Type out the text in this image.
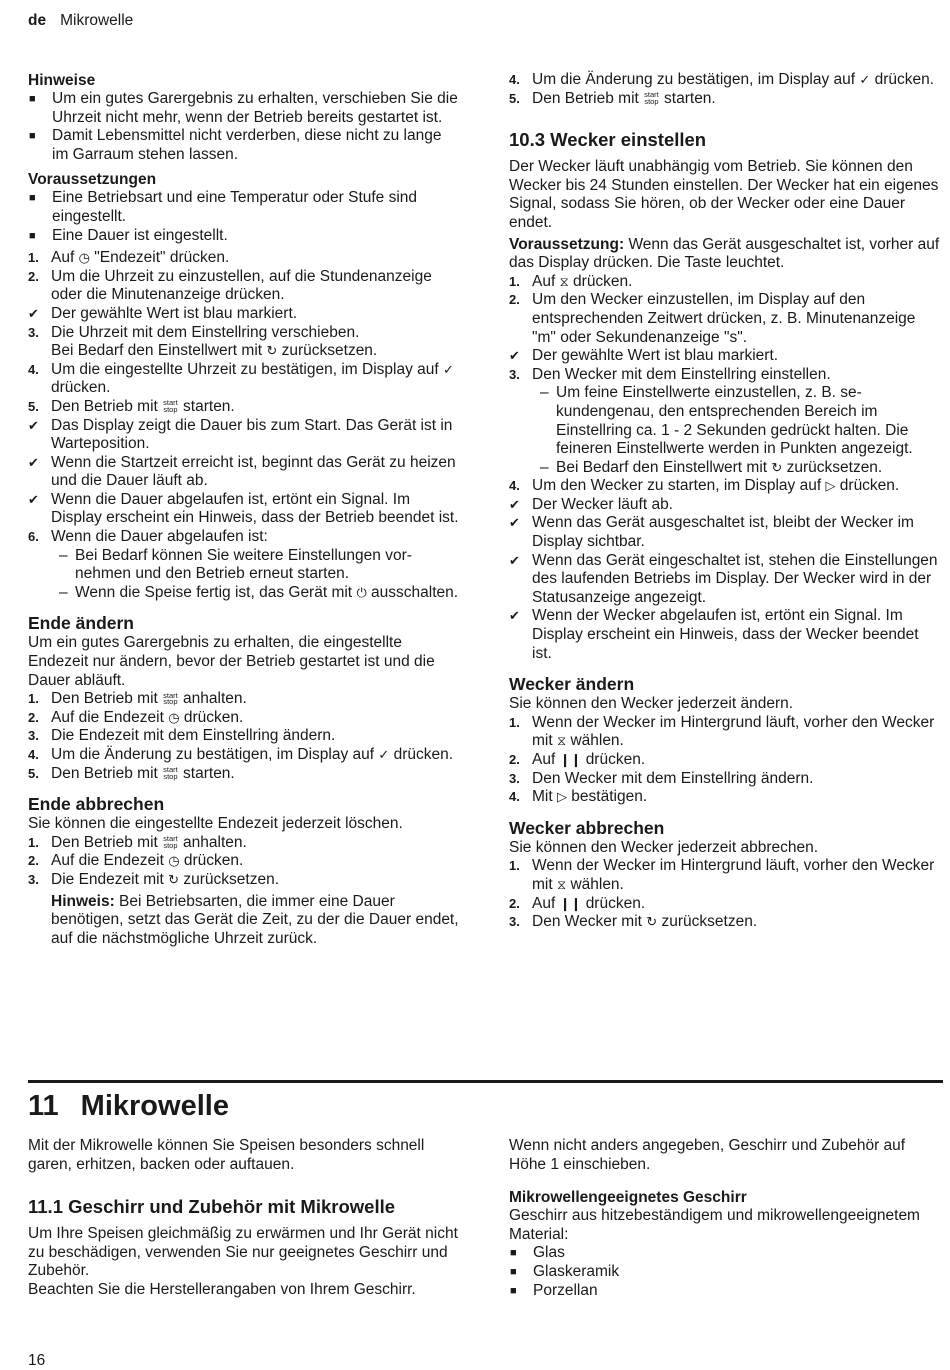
de Mikrowelle

Hinweise

■	Um ein gutes Garergebnis zu erhalten, verschieben Sie die Uhrzeit nicht mehr, wenn der Betrieb bereits gestartet ist.
■	Damit Lebensmittel nicht verderben, diese nicht zu lange im Garraum stehen lassen.

Voraussetzungen

■	Eine Betriebsart und eine Temperatur oder Stufe sind eingestellt.
■	Eine Dauer ist eingestellt.
1. Auf ◷ "Endezeit" drücken.
2. Um die Uhrzeit zu einzustellen, auf die Stundenanzeige oder die Minutenanzeige drücken.
✔ Der gewählte Wert ist blau markiert.
3. Die Uhrzeit mit dem Einstellring verschieben.
Bei Bedarf den Einstellwert mit ↻ zurücksetzen.
4. Um die eingestellte Uhrzeit zu bestätigen, im Display auf ✓ drücken.
5. Den Betrieb mit start
stop starten.
✔ Das Display zeigt die Dauer bis zum Start. Das Gerät ist in Warteposition.
✔ Wenn die Startzeit erreicht ist, beginnt das Gerät zu heizen und die Dauer läuft ab.
✔ Wenn die Dauer abgelaufen ist, ertönt ein Signal. Im Display erscheint ein Hinweis, dass der Betrieb beendet ist.
6. Wenn die Dauer abgelaufen ist:
– Bei Bedarf können Sie weitere Einstellungen vornehmen und den Betrieb erneut starten.
– Wenn die Speise fertig ist, das Gerät mit ⏻ ausschalten.

Ende ändern

Um ein gutes Garergebnis zu erhalten, die eingestellte Endezeit nur ändern, bevor der Betrieb gestartet ist und die Dauer abläuft.

1. Den Betrieb mit start
stop anhalten.
2. Auf die Endezeit ◷ drücken.
3. Die Endezeit mit dem Einstellring ändern.
4. Um die Änderung zu bestätigen, im Display auf ✓ drücken.
5. Den Betrieb mit start
stop starten.

Ende abbrechen

Sie können die eingestellte Endezeit jederzeit löschen.

1. Den Betrieb mit start
stop anhalten.
2. Auf die Endezeit ◷ drücken.
3. Die Endezeit mit ↻ zurücksetzen.
Hinweis: Bei Betriebsarten, die immer eine Dauer benötigen, setzt das Gerät die Zeit, zu der die Dauer endet, auf die nächstmögliche Uhrzeit zurück.
4. Um die Änderung zu bestätigen, im Display auf ✓ drücken.
5. Den Betrieb mit start
stop starten.

10.3 Wecker einstellen

Der Wecker läuft unabhängig vom Betrieb. Sie können den Wecker bis 24 Stunden einstellen. Der Wecker hat ein eigenes Signal, sodass Sie hören, ob der Wecker oder eine Dauer endet.

Voraussetzung: Wenn das Gerät ausgeschaltet ist, vorher auf das Display drücken. Die Taste leuchtet.

1. Auf ⧖ drücken.
2. Um den Wecker einzustellen, im Display auf den entsprechenden Zeitwert drücken, z. B. Minutenanzeige "m" oder Sekundenanzeige "s".
✔ Der gewählte Wert ist blau markiert.
3. Den Wecker mit dem Einstellring einstellen.
– Um feine Einstellwerte einzustellen, z. B. sekundengenau, den entsprechenden Bereich im Einstellring ca. 1 - 2 Sekunden gedrückt halten. Die feineren Einstellwerte werden in Punkten angezeigt.
– Bei Bedarf den Einstellwert mit ↻ zurücksetzen.
4. Um den Wecker zu starten, im Display auf ▷ drücken.
✔ Der Wecker läuft ab.
✔ Wenn das Gerät ausgeschaltet ist, bleibt der Wecker im Display sichtbar.
✔ Wenn das Gerät eingeschaltet ist, stehen die Einstellungen des laufenden Betriebs im Display. Der Wecker wird in der Statusanzeige angezeigt.
✔ Wenn der Wecker abgelaufen ist, ertönt ein Signal. Im Display erscheint ein Hinweis, dass der Wecker beendet ist.

Wecker ändern

Sie können den Wecker jederzeit ändern.

1. Wenn der Wecker im Hintergrund läuft, vorher den Wecker mit ⧖ wählen.
2. Auf ❙❙ drücken.
3. Den Wecker mit dem Einstellring ändern.
4. Mit ▷ bestätigen.

Wecker abbrechen

Sie können den Wecker jederzeit abbrechen.

1. Wenn der Wecker im Hintergrund läuft, vorher den Wecker mit ⧖ wählen.
2. Auf ❙❙ drücken.
3. Den Wecker mit ↻ zurücksetzen.
11 Mikrowelle

Mit der Mikrowelle können Sie Speisen besonders schnell garen, erhitzen, backen oder auftauen.

11.1 Geschirr und Zubehör mit Mikrowelle

Um Ihre Speisen gleichmäßig zu erwärmen und Ihr Gerät nicht zu beschädigen, verwenden Sie nur geeignetes Geschirr und Zubehör.

Beachten Sie die Herstellerangaben von Ihrem Geschirr.

Wenn nicht anders angegeben, Geschirr und Zubehör auf Höhe 1 einschieben.

Mikrowellengeeignetes Geschirr

Geschirr aus hitzebeständigem und mikrowellengeeignetem Material:

■	Glas
■	Glaskeramik
■	Porzellan
16
